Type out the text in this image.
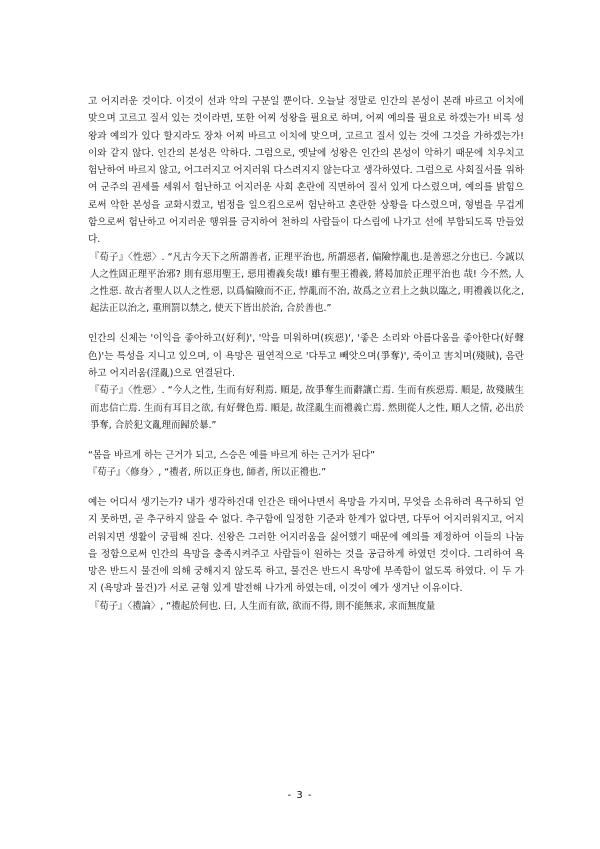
고 어지러운 것이다. 이것이 선과 악의 구분일 뿐이다. 오늘날 정말로 인간의 본성이 본래 바르고 이치에 맞으며 고르고 질서 있는 것이라면, 또한 어찌 성왕을 필요로 하며, 어찌 예의를 필요로 하겠는가! 비록 성왕과 예의가 있다 할지라도 장차 어찌 바르고 이치에 맞으며, 고르고 질서 있는 것에 그것을 가하겠는가! 이와 같지 않다. 인간의 본성은 악하다. 그럼으로, 옛날에 성왕은 인간의 본성이 악하기 때문에 치우치고 험난하여 바르지 않고, 어그러지고 어지러워 다스려지지 않는다고 생각하였다. 그럼으로 사회질서를 위하여 군주의 권세를 세워서 험난하고 어지러운 사회 혼란에 직면하여 질서 있게 다스렸으며, 예의를 밝힘으로써 악한 본성을 교화시켰고, 법정을 일으킴으로써 험난하고 혼란한 상황을 다스렸으며, 형벌을 무겁게 함으로써 험난하고 어지러운 행위를 금지하여 천하의 사람들이 다스림에 나가고 선에 부합되도록 만들었다.

『荀子』〈性惡〉. “凡古今天下之所謂善者, 正理平治也, 所謂惡者, 偏險悖亂也.是善惡之分也已. 今誠以人之性固正理平治邪? 則有惡用聖王, 惡用禮義矣哉! 雖有聖王禮義, 將曷加於正理平治也 哉! 今不然, 人之性惡. 故古者聖人以人之性惡, 以爲偏險而不正, 悖亂而不治, 故爲之立君上之埶以臨之, 明禮義以化之, 起法正以治之, 重刑罰以禁之, 使天下皆出於治, 合於善也.”

인간의 신체는 '이익을 좋아하고(好利)', '악을 미워하며(疾惡)', '좋은 소리와 아름다움을 좋아한다(好聲色)'는 특성을 지니고 있으며, 이 욕망은 필연적으로 '다투고 빼앗으며(爭奪)', 죽이고 害치며(殘賊), 음란하고 어지러움(淫亂)으로 연결된다.

『荀子』〈性惡〉. “今人之性, 生而有好利焉. 順是, 故爭奪生而辭讓亡焉. 生而有疾惡焉. 順是, 故殘賊生而忠信亡焉. 生而有耳目之欲, 有好聲色焉. 順是, 故淫亂生而禮義亡焉. 然則從人之性, 順人之情, 必出於爭奪, 合於犯文亂理而歸於暴.”

“몸을 바르게 하는 근거가 되고, 스승은 예를 바르게 하는 근거가 된다”

『荀子』〈修身〉, “禮者, 所以正身也, 師者, 所以正禮也.”

예는 어디서 생기는가? 내가 생각하건대 인간은 태어나면서 욕망을 가지며, 무엇을 소유하려 욕구하되 얻지 못하면, 곧 추구하지 않을 수 없다. 추구함에 일정한 기준과 한계가 없다면, 다투어 어지러워지고, 어지러워지면 생활이 궁핍해 진다. 선왕은 그러한 어지러움을 싫어했기 때문에 예의를 제정하여 이들의 나눔을 정함으로써 인간의 욕망을 충족시켜주고 사람들이 원하는 것을 공급하게 하였던 것이다. 그리하여 욕망은 반드시 물건에 의해 궁해지지 않도록 하고, 물건은 반드시 욕망에 부족함이 없도록 하였다. 이 두 가지 (욕망과 물건)가 서로 균형 있게 발전해 나가게 하였는데, 이것이 예가 생겨난 이유이다.

『荀子』〈禮論〉, “禮起於何也. 曰, 人生而有欲, 欲而不得, 則不能無求, 求而無度量

- 3 -
